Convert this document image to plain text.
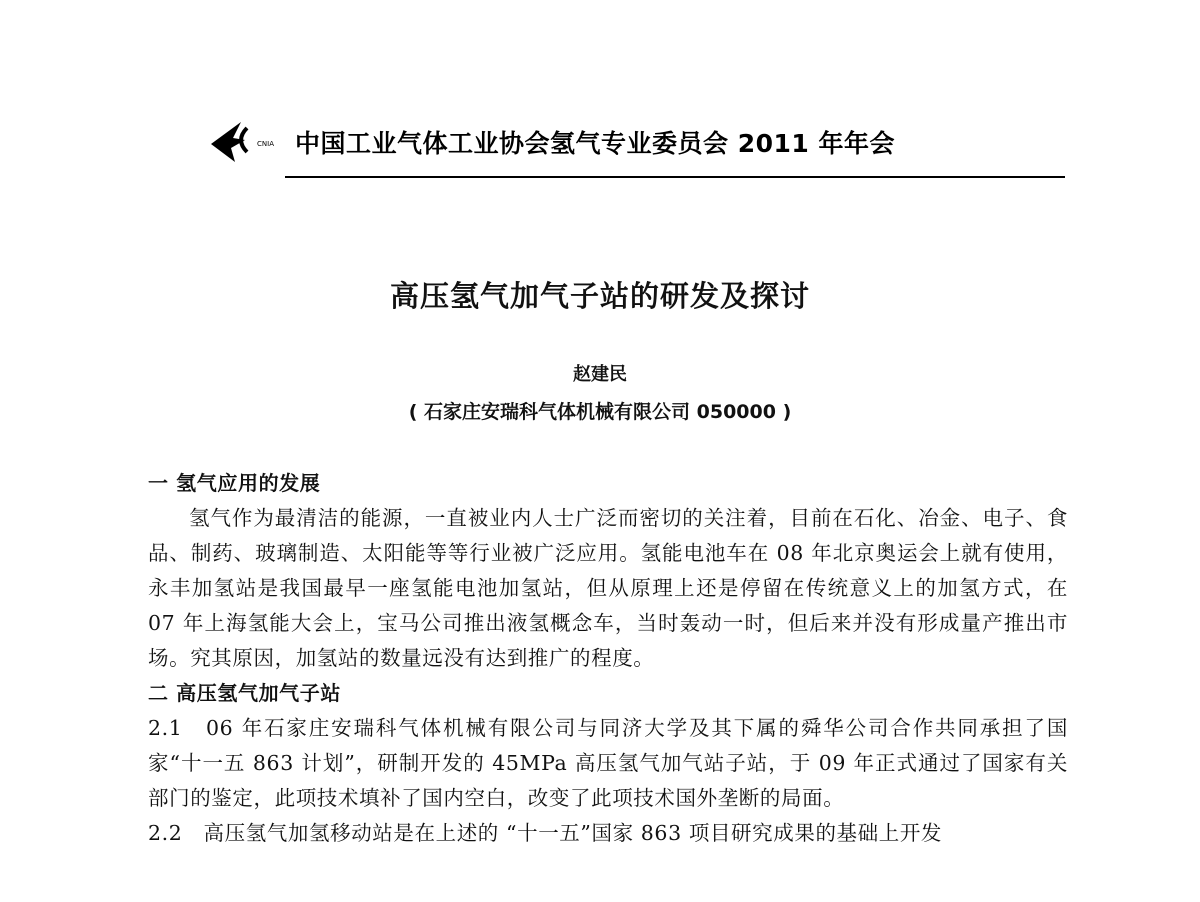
CNIA 中国工业气体工业协会氢气专业委员会 2011 年年会
高压氢气加气子站的研发及探讨
赵建民
( 石家庄安瑞科气体机械有限公司 050000 )
一 氢气应用的发展
氢气作为最清洁的能源，一直被业内人士广泛而密切的关注着，目前在石化、冶金、电子、食品、制药、玻璃制造、太阳能等等行业被广泛应用。氢能电池车在 08 年北京奥运会上就有使用，永丰加氢站是我国最早一座氢能电池加氢站，但从原理上还是停留在传统意义上的加氢方式，在 07 年上海氢能大会上，宝马公司推出液氢概念车，当时轰动一时，但后来并没有形成量产推出市场。究其原因，加氢站的数量远没有达到推广的程度。
二 高压氢气加气子站
2.1　06 年石家庄安瑞科气体机械有限公司与同济大学及其下属的舜华公司合作共同承担了国家“十一五 863 计划”，研制开发的 45MPa 高压氢气加气站子站，于 09 年正式通过了国家有关部门的鉴定，此项技术填补了国内空白，改变了此项技术国外垄断的局面。
2.2　高压氢气加氢移动站是在上述的 “十一五”国家 863 项目研究成果的基础上开发
